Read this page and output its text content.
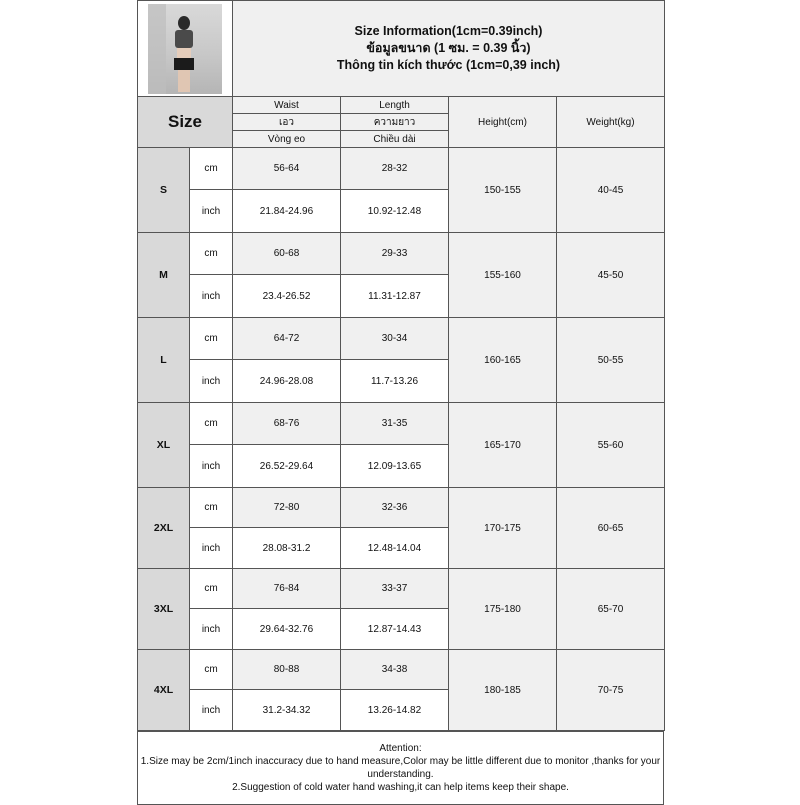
		Size Information(1cm=0.39inch)
ข้อมูลขนาด (1 ซม. = 0.39 นิ้ว)
Thông tin kích thước (1cm=0,39 inch)			

Size		Waist	Length	Height(cm)	Weight(kg)
		เอว	ความยาว		
		Vòng eo	Chiều dài		
S	cm	56-64	28-32	150-155	40-45
	inch	21.84-24.96	10.92-12.48		
M	cm	60-68	29-33	155-160	45-50
	inch	23.4-26.52	11.31-12.87		
L	cm	64-72	30-34	160-165	50-55
	inch	24.96-28.08	11.7-13.26		
XL	cm	68-76	31-35	165-170	55-60
	inch	26.52-29.64	12.09-13.65		
2XL	cm	72-80	32-36	170-175	60-65
	inch	28.08-31.2	12.48-14.04		
3XL	cm	76-84	33-37	175-180	65-70
	inch	29.64-32.76	12.87-14.43		
4XL	cm	80-88	34-38	180-185	70-75
	inch	31.2-34.32	13.26-14.82		
Attention:
1.Size may be 2cm/1inch inaccuracy due to hand measure,Color may be little different due to monitor ,thanks for your understanding.
2.Suggestion of cold water hand washing,it can help items keep their shape.
